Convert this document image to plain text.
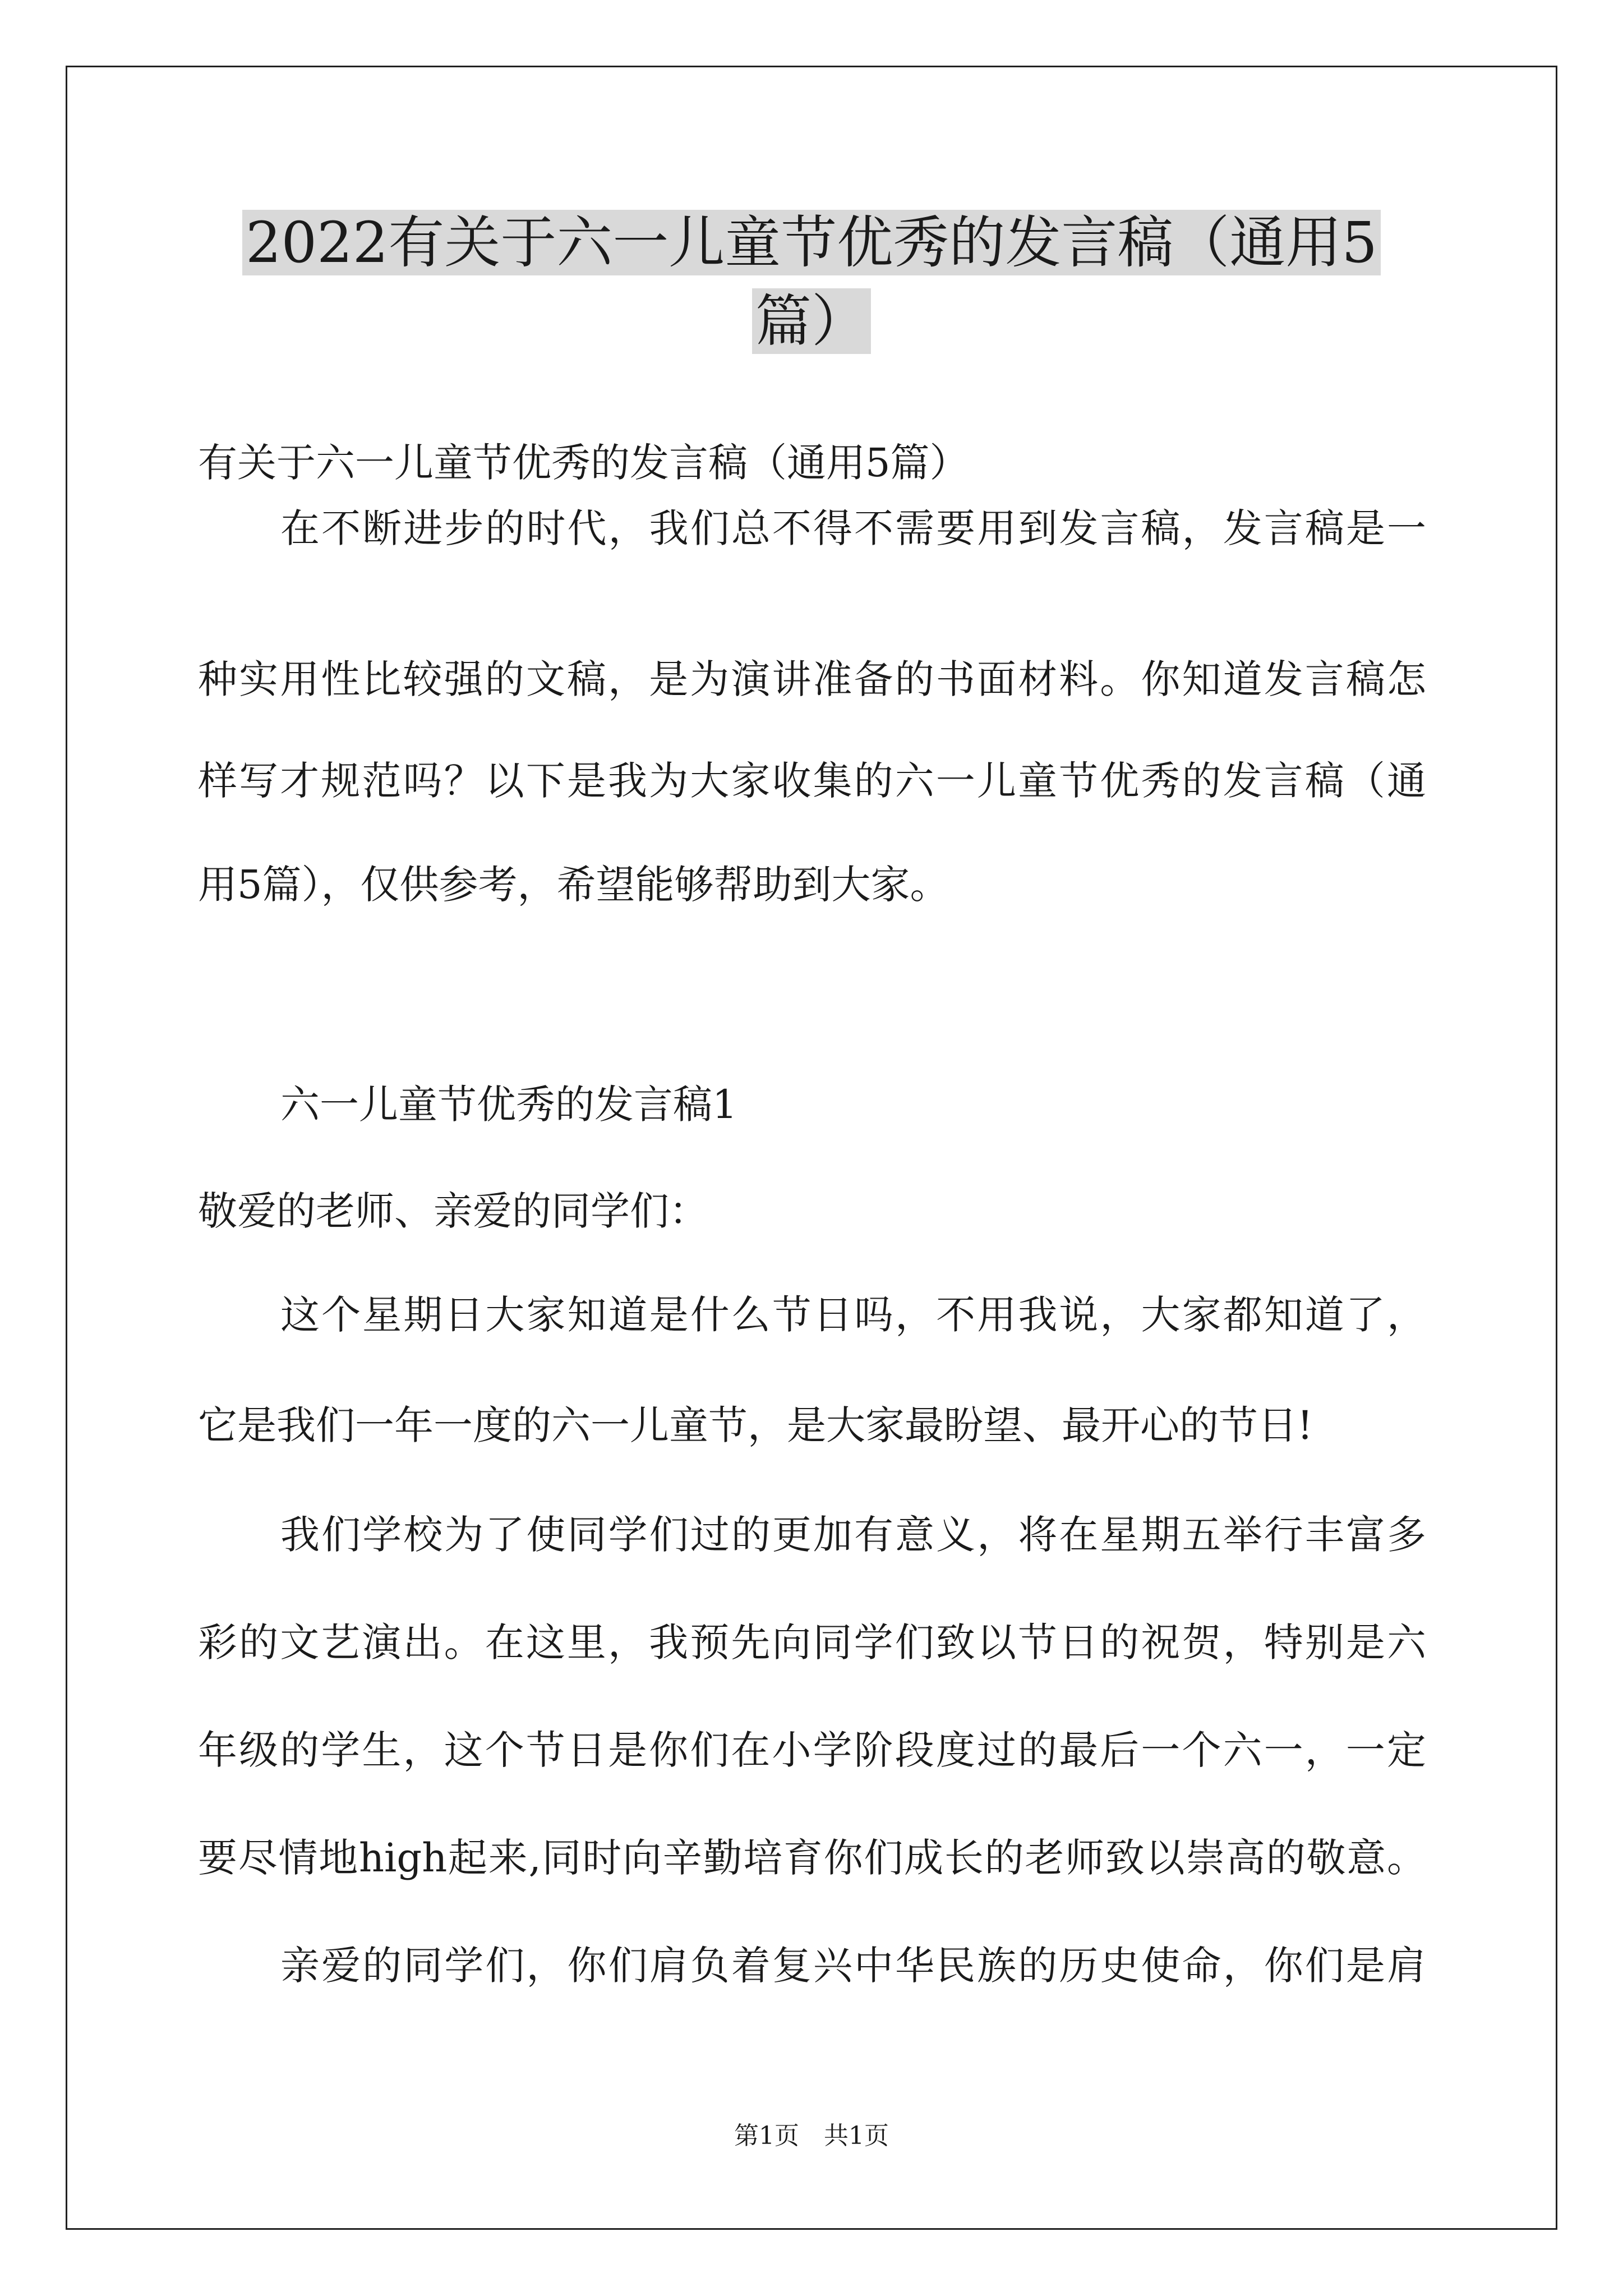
2022有关于六一儿童节优秀的发言稿（通用5
篇）
有关于六一儿童节优秀的发言稿（通用5篇）
在不断进步的时代，我们总不得不需要用到发言稿，发言稿是一
种实用性比较强的文稿，是为演讲准备的书面材料。你知道发言稿怎
样写才规范吗？以下是我为大家收集的六一儿童节优秀的发言稿（通
用5篇），仅供参考，希望能够帮助到大家。
六一儿童节优秀的发言稿1
敬爱的老师、亲爱的同学们：
这个星期日大家知道是什么节日吗，不用我说，大家都知道了，
它是我们一年一度的六一儿童节，是大家最盼望、最开心的节日!
我们学校为了使同学们过的更加有意义，将在星期五举行丰富多
彩的文艺演出。在这里，我预先向同学们致以节日的祝贺，特别是六
年级的学生，这个节日是你们在小学阶段度过的最后一个六一，一定
要尽情地high起来,同时向辛勤培育你们成长的老师致以崇高的敬意。
亲爱的同学们，你们肩负着复兴中华民族的历史使命，你们是肩
第1页　共1页
